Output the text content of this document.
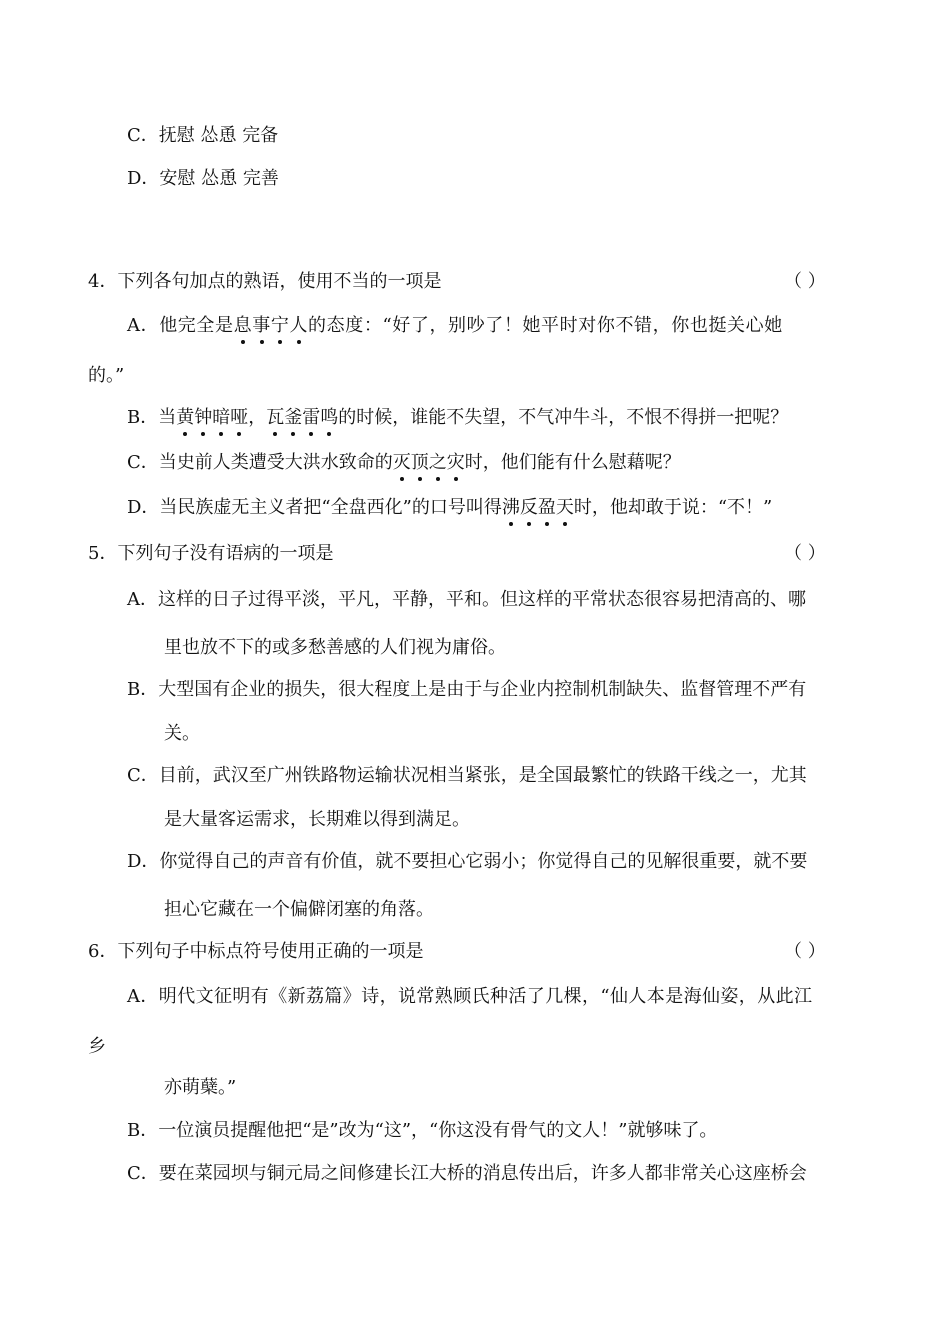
C．抚慰 怂恿 完备
D．安慰 怂恿 完善
4．下列各句加点的熟语，使用不当的一项是	（ ）
A．他完全是息事宁人的态度：“好了，别吵了！她平时对你不错，你也挺关心她
的。”
B．当黄钟暗哑，瓦釜雷鸣的时候，谁能不失望，不气冲牛斗，不恨不得拼一把呢？
C．当史前人类遭受大洪水致命的灭顶之灾时，他们能有什么慰藉呢？
D．当民族虚无主义者把“全盘西化”的口号叫得沸反盈天时，他却敢于说：“不！”
5．下列句子没有语病的一项是	（ ）
A．这样的日子过得平淡，平凡，平静，平和。但这样的平常状态很容易把清高的、哪
里也放不下的或多愁善感的人们视为庸俗。
B．大型国有企业的损失，很大程度上是由于与企业内控制机制缺失、监督管理不严有
关。
C．目前，武汉至广州铁路物运输状况相当紧张，是全国最繁忙的铁路干线之一，尤其
是大量客运需求，长期难以得到满足。
D．你觉得自己的声音有价值，就不要担心它弱小；你觉得自己的见解很重要，就不要
担心它藏在一个偏僻闭塞的角落。
6．下列句子中标点符号使用正确的一项是	（ ）
A．明代文征明有《新荔篇》诗，说常熟顾氏种活了几棵，“仙人本是海仙姿，从此江
乡
亦萌蘖。”
B．一位演员提醒他把“是”改为“这”，“你这没有骨气的文人！”就够味了。
C．要在菜园坝与铜元局之间修建长江大桥的消息传出后，许多人都非常关心这座桥会
